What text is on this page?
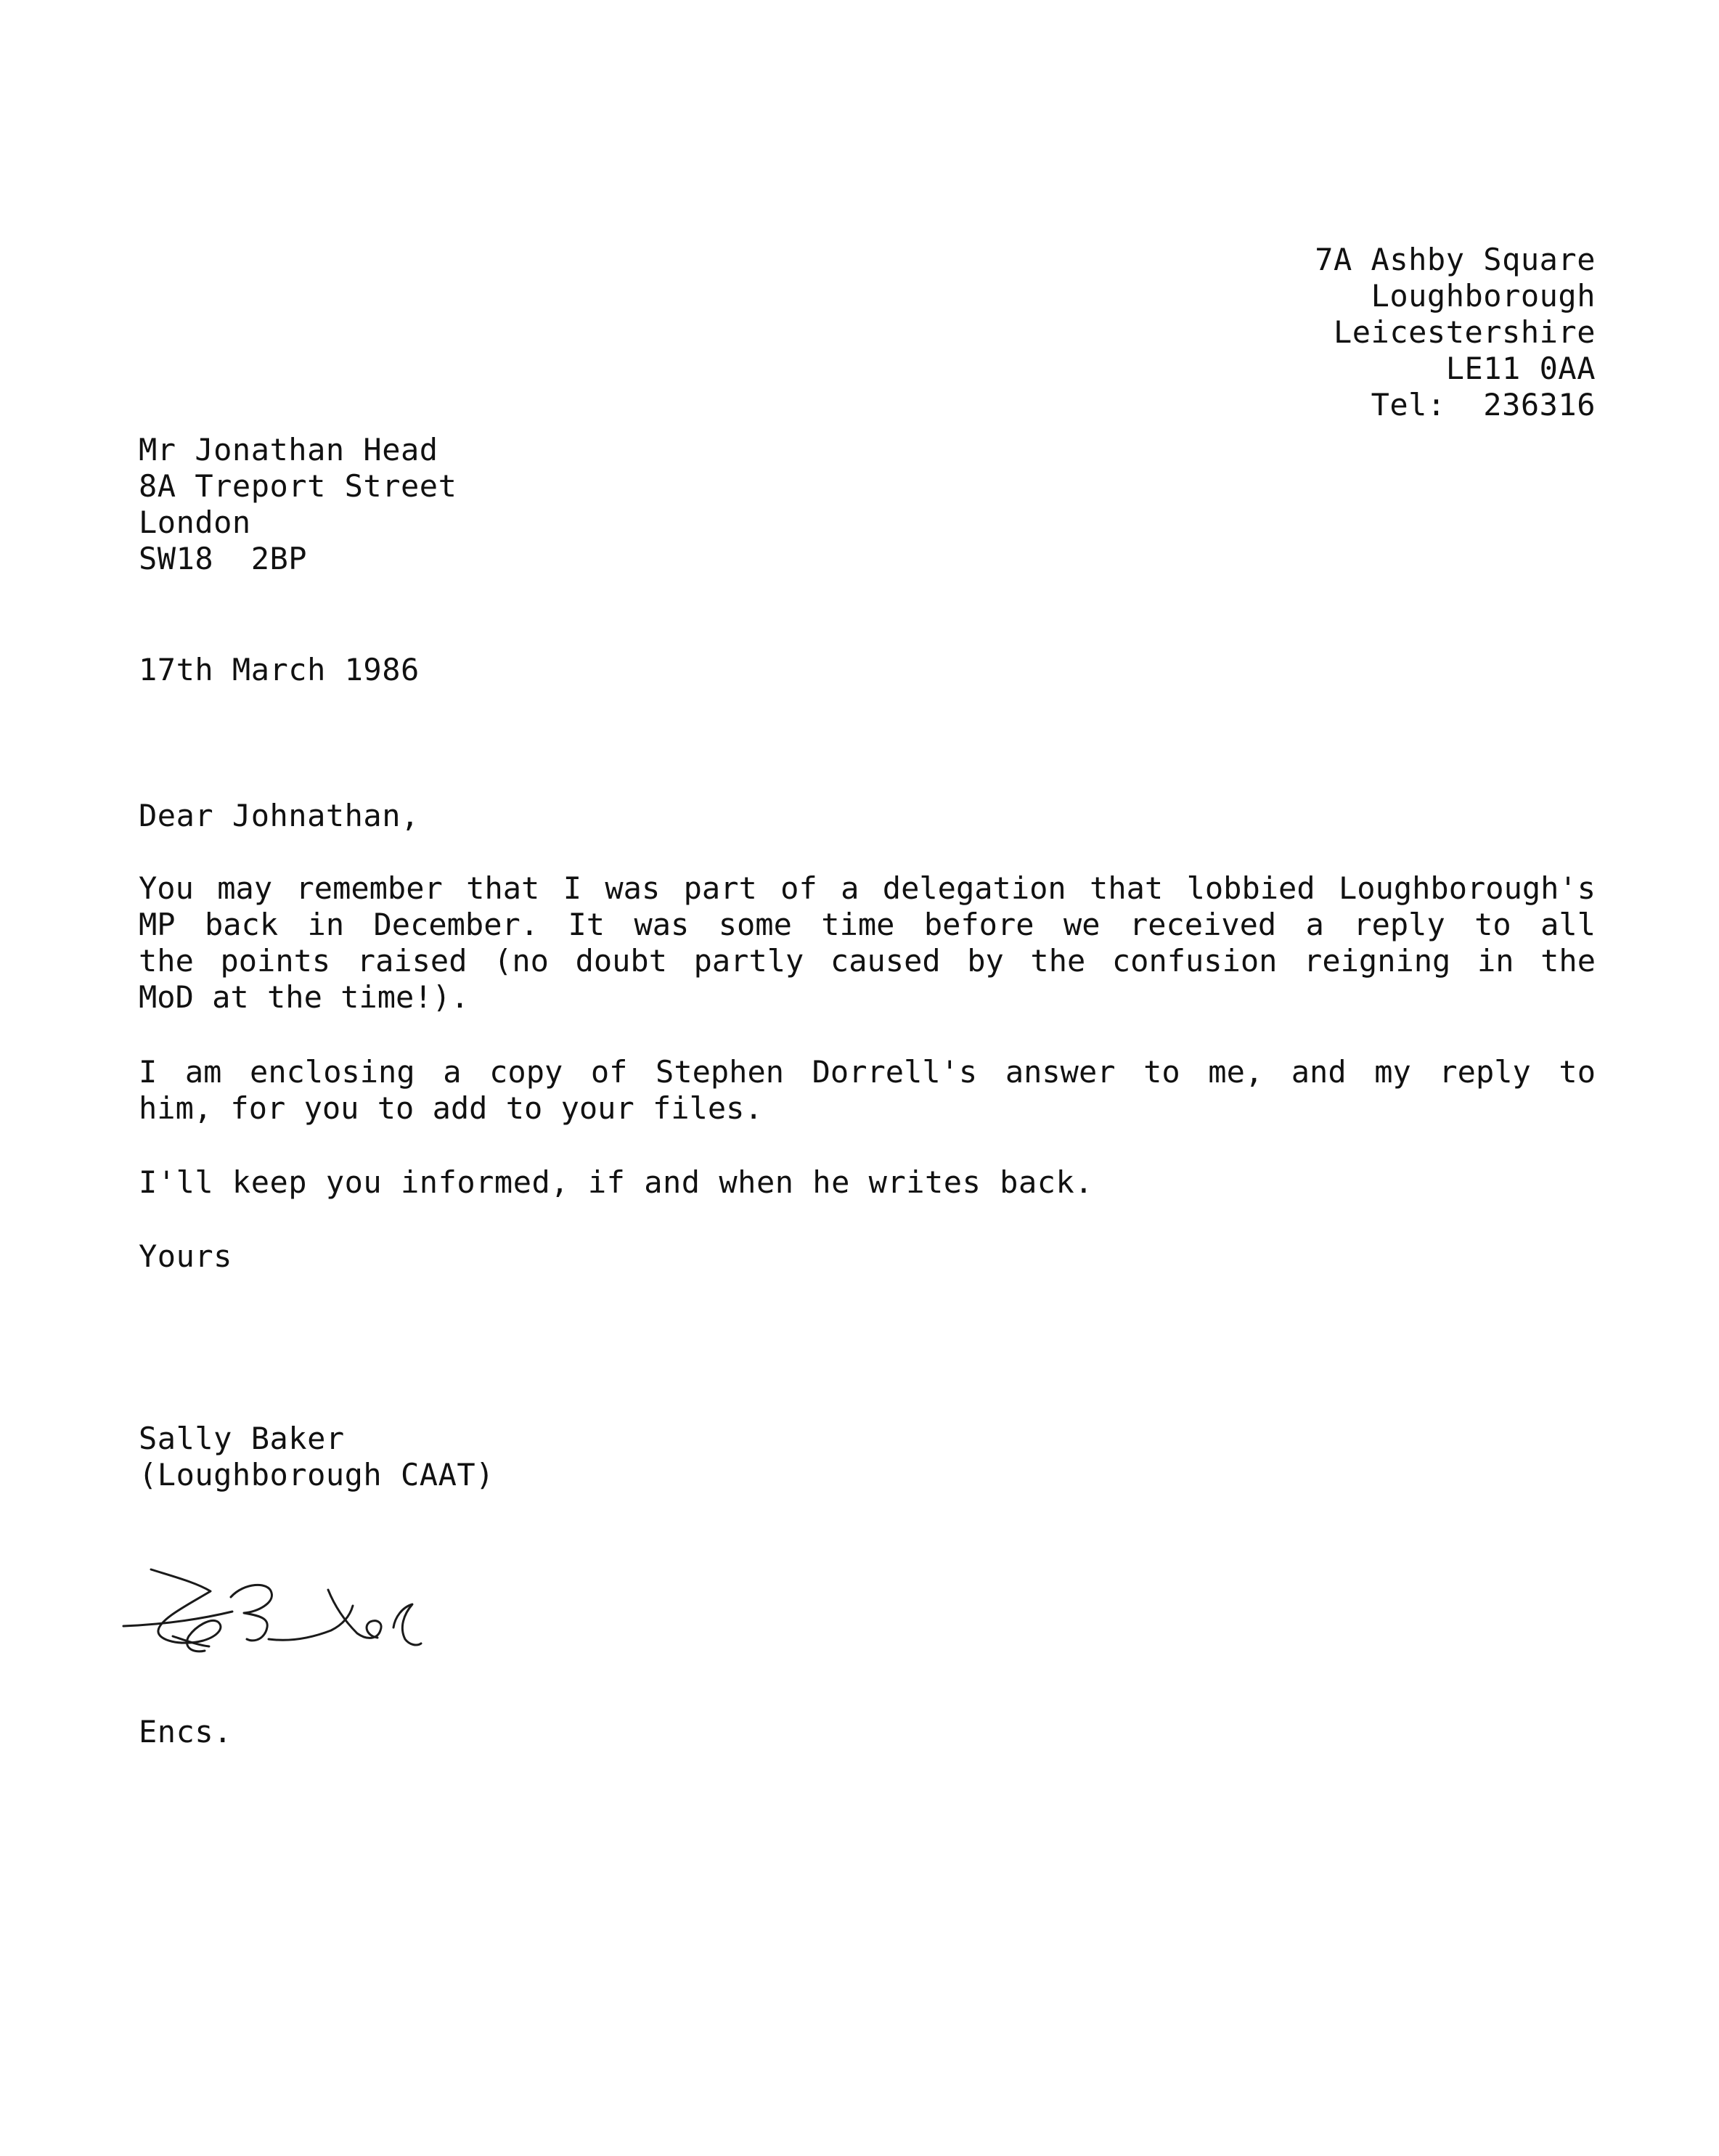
7A Ashby Square
Loughborough
Leicestershire
LE11 0AA
Tel:  236316
Mr Jonathan Head
8A Treport Street
London
SW18  2BP
17th March 1986
Dear Johnathan,
You may remember that I was part of a delegation that lobbied Loughborough's
MP back in December. It was some time before we received a reply to all
the points raised (no doubt partly caused by the confusion reigning in the
MoD at the time!).
I am enclosing a copy of Stephen Dorrell's answer to me, and my reply to
him, for you to add to your files.
I'll keep you informed, if and when he writes back.
Yours
Sally Baker
(Loughborough CAAT)
Encs.
